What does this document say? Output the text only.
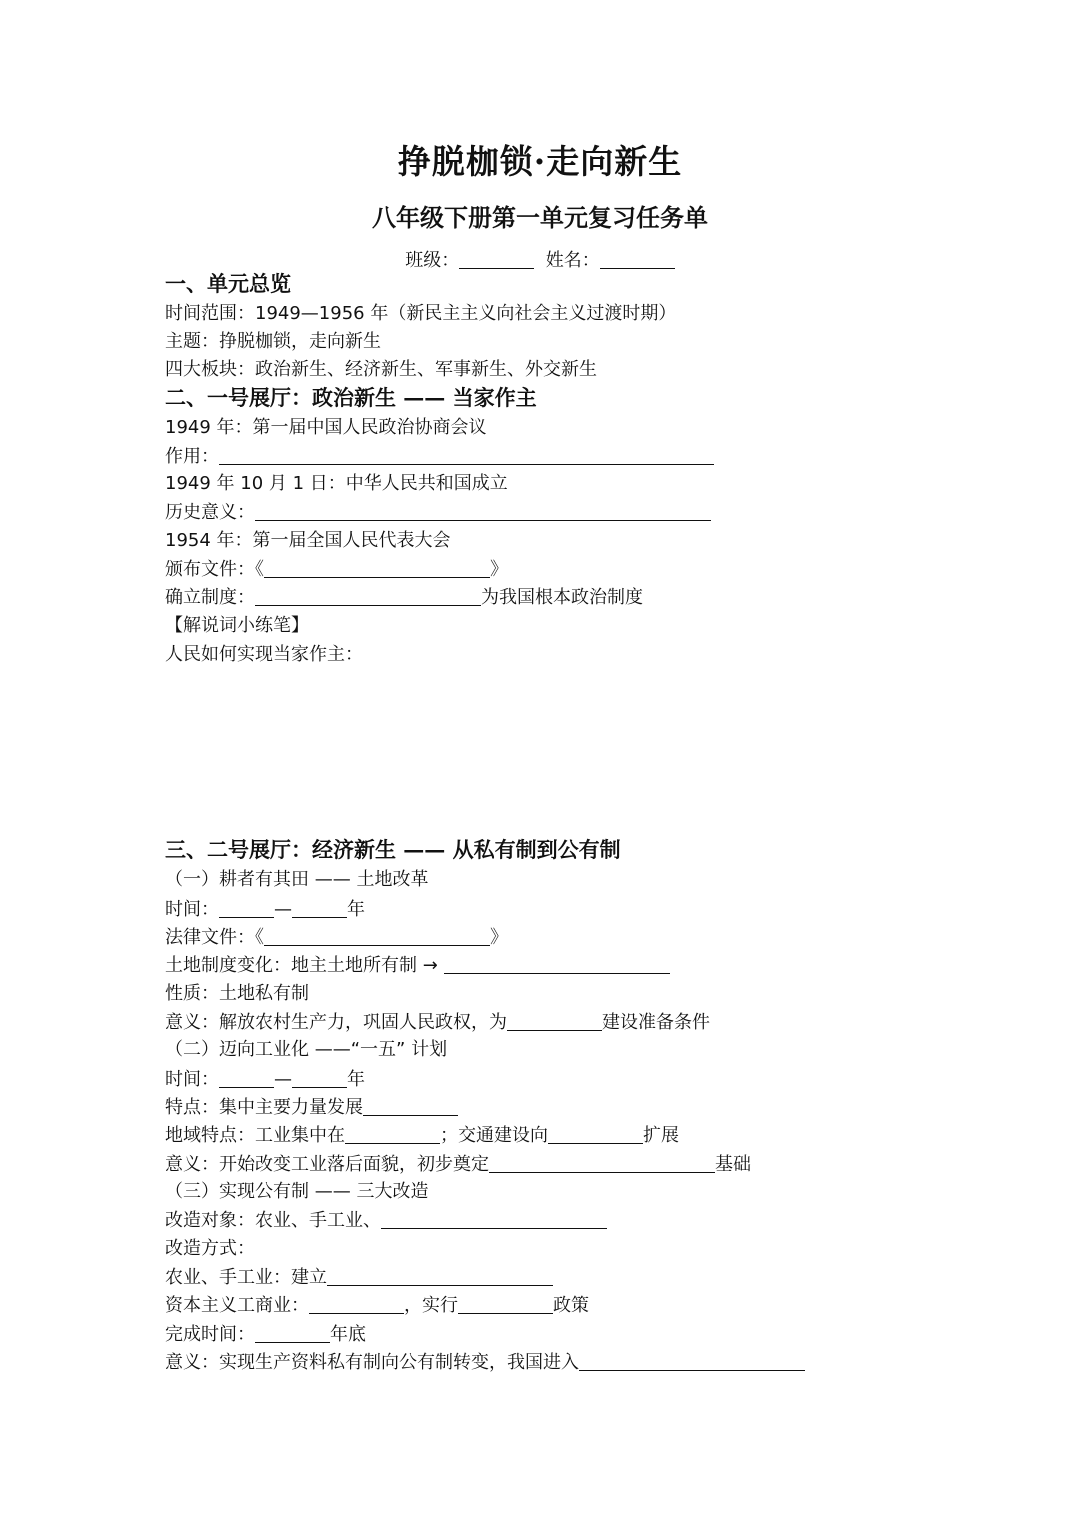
挣脱枷锁·走向新生
八年级下册第一单元复习任务单
班级：	姓名：
一、单元总览
时间范围：1949—1956 年（新民主主义向社会主义过渡时期）
主题：挣脱枷锁，走向新生
四大板块：政治新生、经济新生、军事新生、外交新生
二、一号展厅：政治新生 —— 当家作主
1949 年：第一届中国人民政治协商会议
作用：
1949 年 10 月 1 日：中华人民共和国成立
历史意义：
1954 年：第一届全国人民代表大会
颁布文件：《	》
确立制度：	为我国根本政治制度
【解说词小练笔】
人民如何实现当家作主：
三、二号展厅：经济新生 —— 从私有制到公有制
（一）耕者有其田 —— 土地改革
时间：	—	年
法律文件：《	》
土地制度变化：地主土地所有制 →
性质：土地私有制
意义：解放农村生产力，巩固人民政权，为	建设准备条件
（二）迈向工业化 ——“一五” 计划
时间：	—	年
特点：集中主要力量发展
地域特点：工业集中在	；交通建设向	扩展
意义：开始改变工业落后面貌，初步奠定	基础
（三）实现公有制 —— 三大改造
改造对象：农业、手工业、
改造方式：
农业、手工业：建立
资本主义工商业：	，实行	政策
完成时间：	年底
意义：实现生产资料私有制向公有制转变，我国进入
